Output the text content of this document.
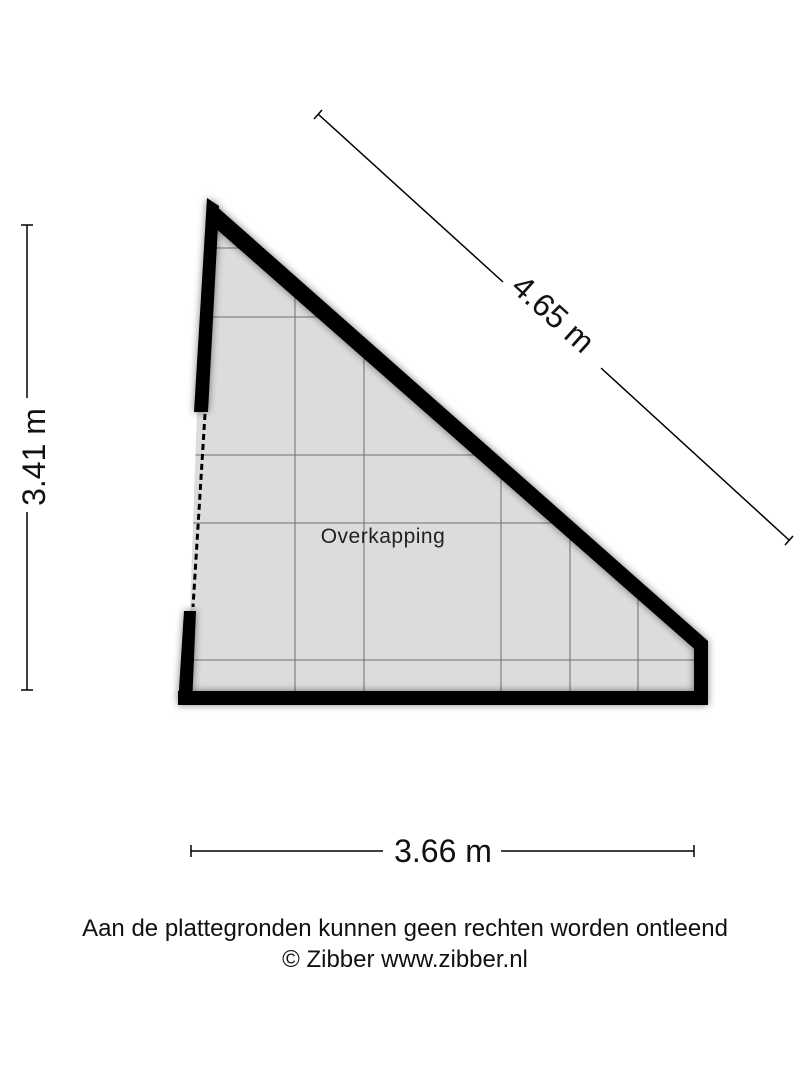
Overkapping
3.41 m
4.65 m
3.66 m
Aan de plattegronden kunnen geen rechten worden ontleend
© Zibber www.zibber.nl
